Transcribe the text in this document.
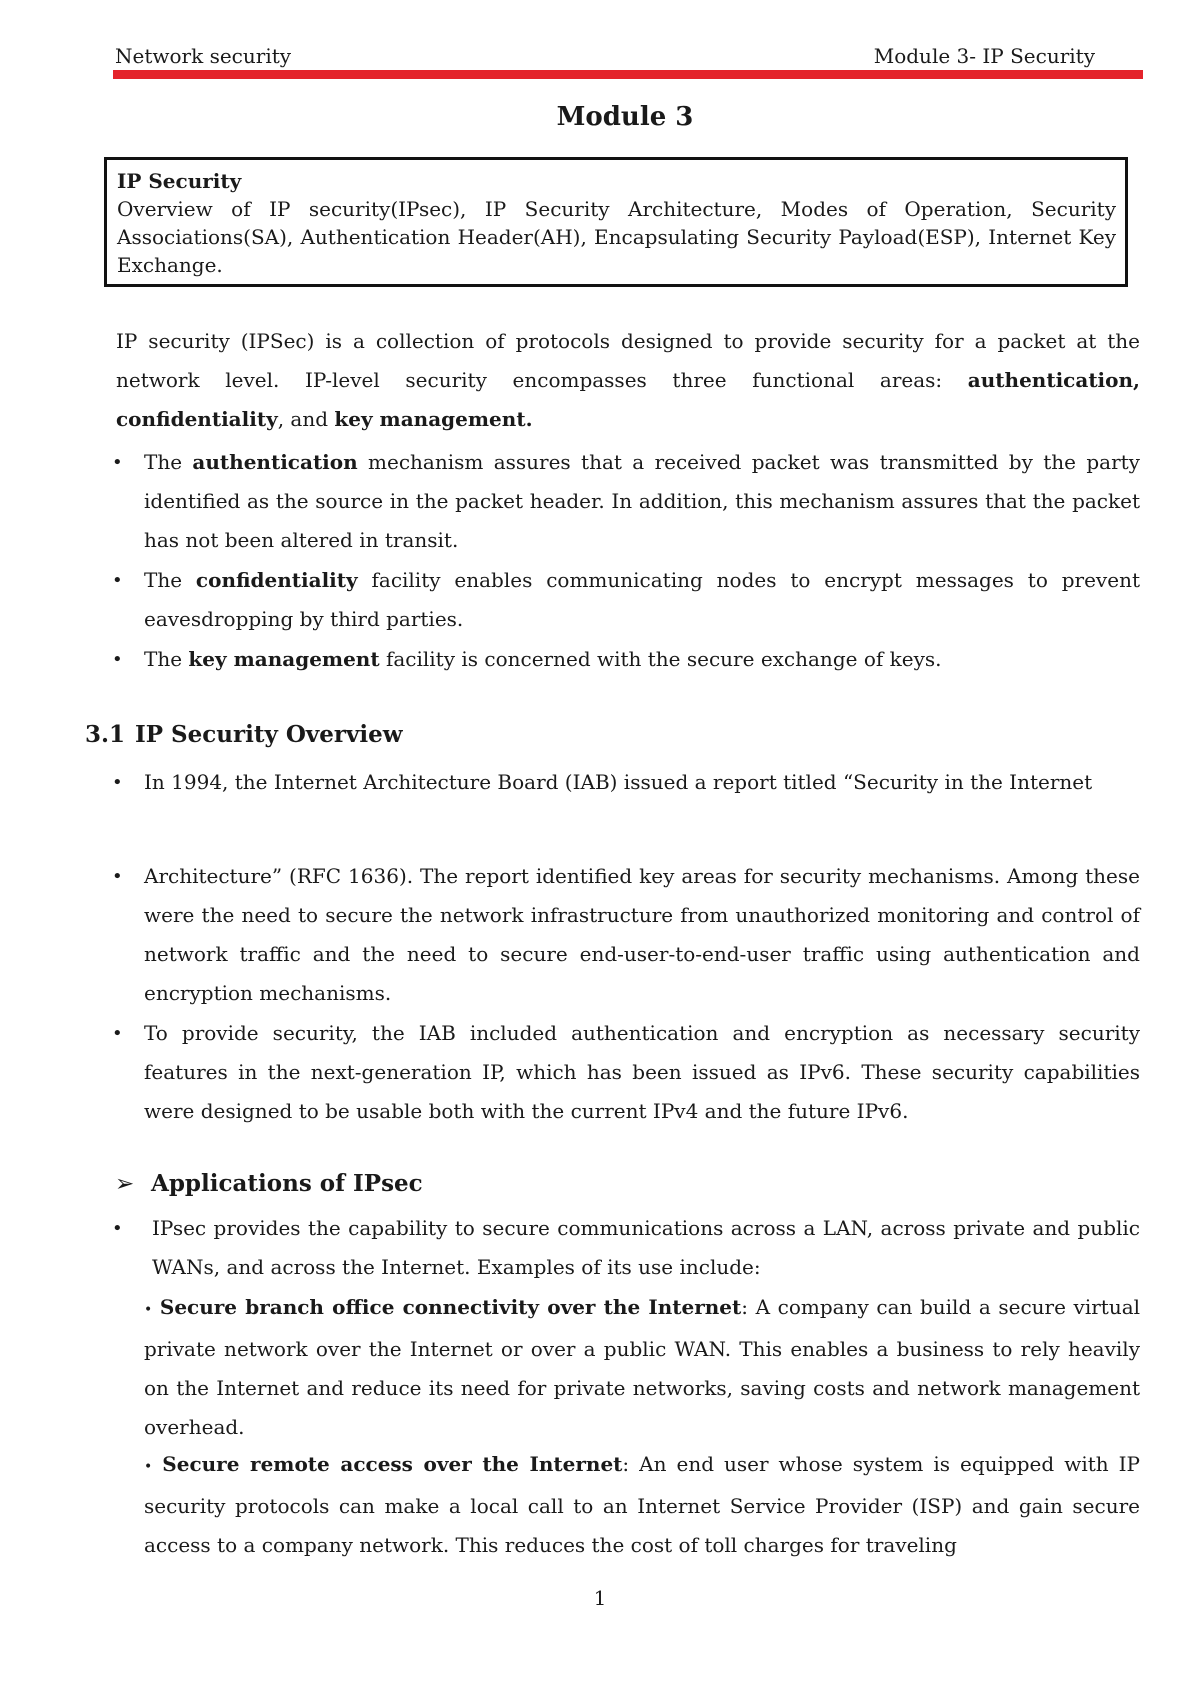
Network security	Module 3- IP Security
Module 3
IP Security
Overview of IP security(IPsec), IP Security Architecture, Modes of Operation, Security Associations(SA), Authentication Header(AH), Encapsulating Security Payload(ESP), Internet Key Exchange.
IP security (IPSec) is a collection of protocols designed to provide security for a packet at the network level. IP-level security encompasses three functional areas: authentication, confidentiality, and key management.
• The authentication mechanism assures that a received packet was transmitted by the party identified as the source in the packet header. In addition, this mechanism assures that the packet has not been altered in transit.
• The confidentiality facility enables communicating nodes to encrypt messages to prevent eavesdropping by third parties.
• The key management facility is concerned with the secure exchange of keys.
3.1 IP Security Overview
• In 1994, the Internet Architecture Board (IAB) issued a report titled “Security in the Internet
• Architecture” (RFC 1636). The report identified key areas for security mechanisms. Among these were the need to secure the network infrastructure from unauthorized monitoring and control of network traffic and the need to secure end-user-to-end-user traffic using authentication and encryption mechanisms.
• To provide security, the IAB included authentication and encryption as necessary security features in the next-generation IP, which has been issued as IPv6. These security capabilities were designed to be usable both with the current IPv4 and the future IPv6.
➢ Applications of IPsec
• IPsec provides the capability to secure communications across a LAN, across private and public WANs, and across the Internet. Examples of its use include:
• Secure branch office connectivity over the Internet: A company can build a secure virtual private network over the Internet or over a public WAN. This enables a business to rely heavily on the Internet and reduce its need for private networks, saving costs and network management overhead.
• Secure remote access over the Internet: An end user whose system is equipped with IP security protocols can make a local call to an Internet Service Provider (ISP) and gain secure access to a company network. This reduces the cost of toll charges for traveling
1
